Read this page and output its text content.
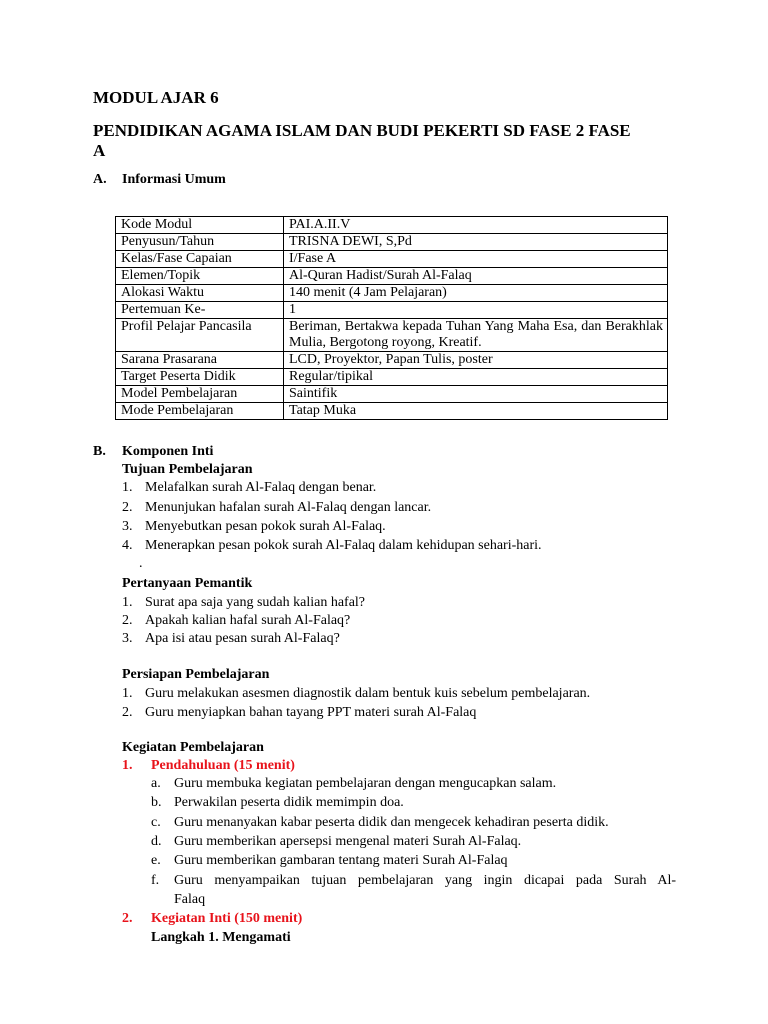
MODUL AJAR 6
PENDIDIKAN AGAMA ISLAM DAN BUDI PEKERTI SD FASE 2 FASE
A
A. Informasi Umum
Kode Modul	PAI.A.II.V
Penyusun/Tahun	TRISNA DEWI, S,Pd
Kelas/Fase Capaian	I/Fase A
Elemen/Topik	Al-Quran Hadist/Surah Al-Falaq
Alokasi Waktu	140 menit (4 Jam Pelajaran)
Pertemuan Ke-	1
Profil Pelajar Pancasila	Beriman, Bertakwa kepada Tuhan Yang Maha Esa, dan Berakhlak Mulia, Bergotong royong, Kreatif.
Sarana Prasarana	LCD, Proyektor, Papan Tulis, poster
Target Peserta Didik	Regular/tipikal
Model Pembelajaran	Saintifik
Mode Pembelajaran	Tatap Muka
B. Komponen Inti
Tujuan Pembelajaran
1. Melafalkan surah Al-Falaq dengan benar.
2. Menunjukan hafalan surah Al-Falaq dengan lancar.
3. Menyebutkan pesan pokok surah Al-Falaq.
4. Menerapkan pesan pokok surah Al-Falaq dalam kehidupan sehari-hari.
.
Pertanyaan Pemantik
1. Surat apa saja yang sudah kalian hafal?
2. Apakah kalian hafal surah Al-Falaq?
3. Apa isi atau pesan surah Al-Falaq?
Persiapan Pembelajaran
1. Guru melakukan asesmen diagnostik dalam bentuk kuis sebelum pembelajaran.
2. Guru menyiapkan bahan tayang PPT materi surah Al-Falaq
Kegiatan Pembelajaran
1. Pendahuluan (15 menit)
a. Guru membuka kegiatan pembelajaran dengan mengucapkan salam.
b. Perwakilan peserta didik memimpin doa.
c. Guru menanyakan kabar peserta didik dan mengecek kehadiran peserta didik.
d. Guru memberikan apersepsi mengenal materi Surah Al-Falaq.
e. Guru memberikan gambaran tentang materi Surah Al-Falaq
f. Guru menyampaikan tujuan pembelajaran yang ingin dicapai pada Surah Al-
Falaq
2. Kegiatan Inti (150 menit)
Langkah 1. Mengamati
